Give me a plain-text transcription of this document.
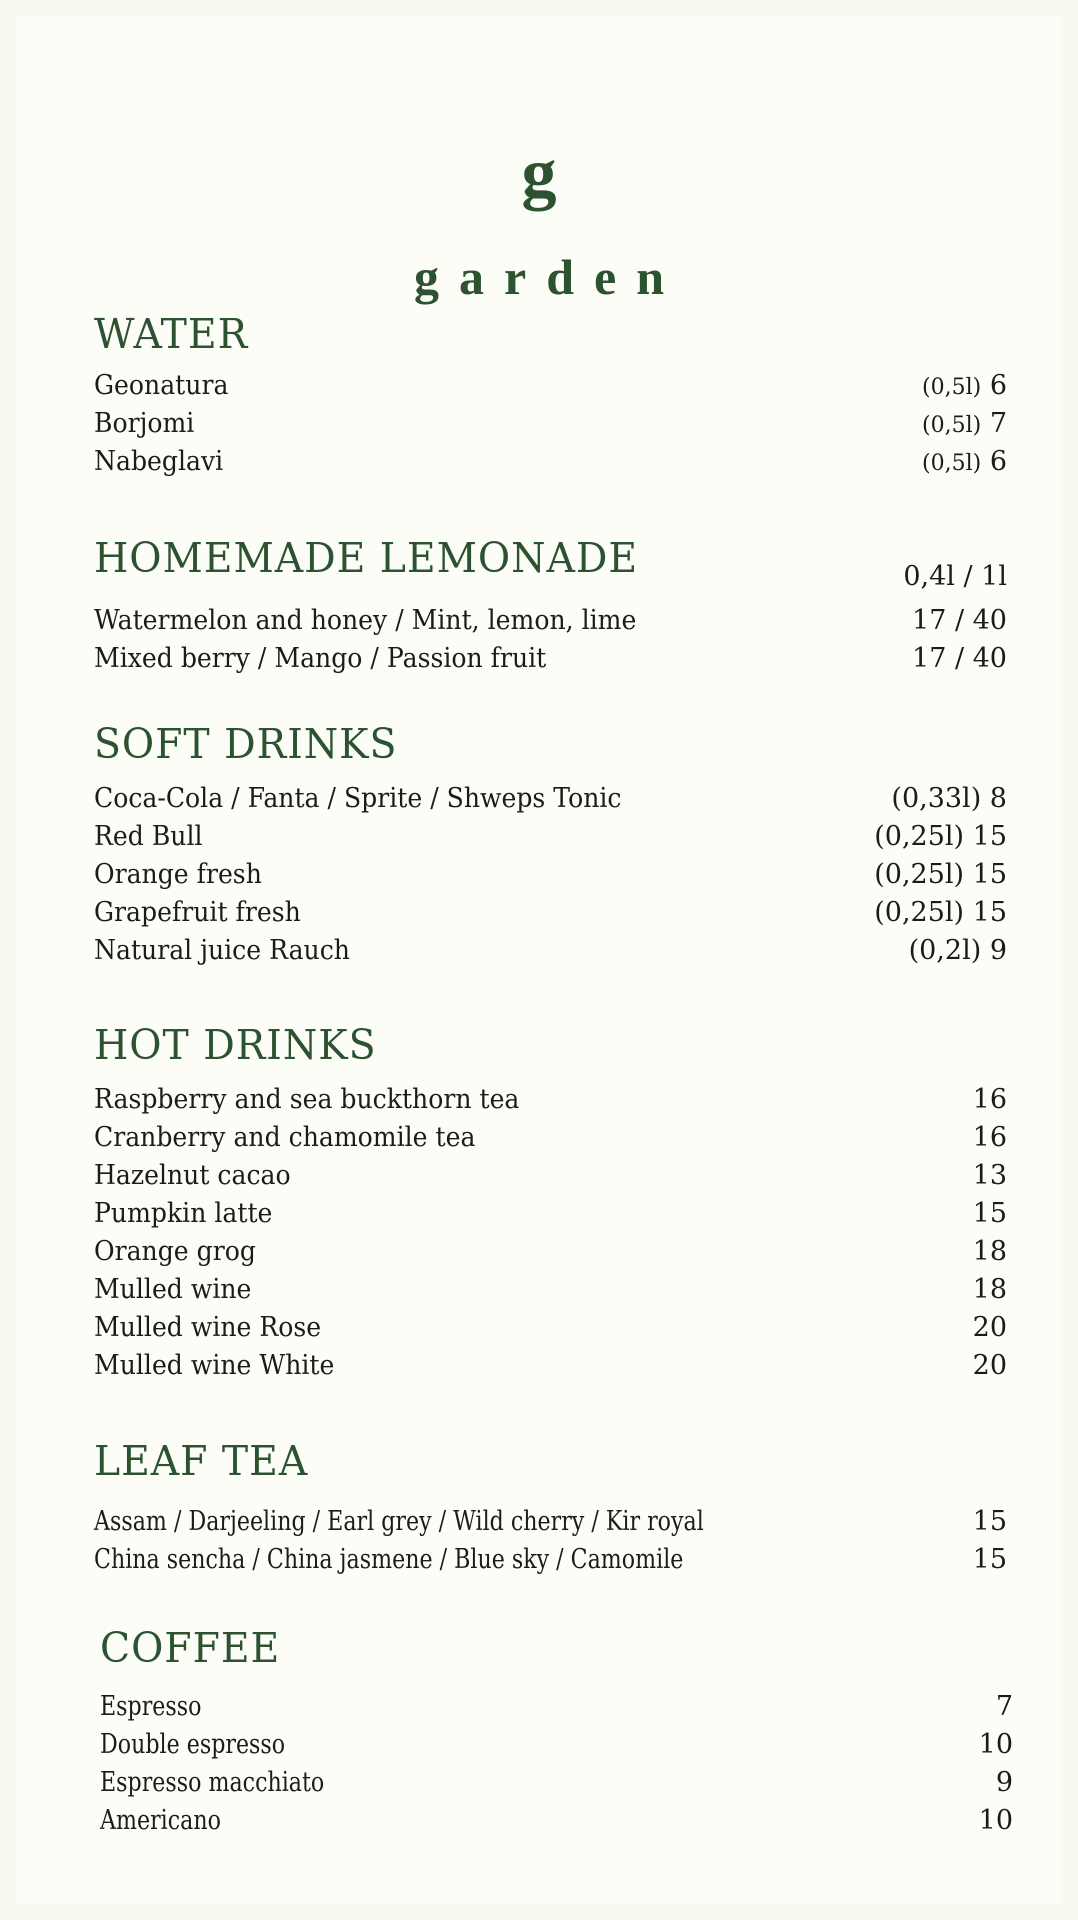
g
garden
WATER
Geonatura	(0,5l) 6
Borjomi	(0,5l) 7
Nabeglavi	(0,5l) 6
HOMEMADE LEMONADE	0,4l / 1l
Watermelon and honey / Mint, lemon, lime	17 / 40
Mixed berry / Mango / Passion fruit	17 / 40
SOFT DRINKS
Coca-Cola / Fanta / Sprite / Shweps Tonic	(0,33l) 8
Red Bull	(0,25l) 15
Orange fresh	(0,25l) 15
Grapefruit fresh	(0,25l) 15
Natural juice Rauch	(0,2l) 9
HOT DRINKS
Raspberry and sea buckthorn tea	16
Cranberry and chamomile tea	16
Hazelnut cacao	13
Pumpkin latte	15
Orange grog	18
Mulled wine	18
Mulled wine Rose	20
Mulled wine White	20
LEAF TEA
Assam / Darjeeling / Earl grey / Wild cherry / Kir royal	15
China sencha / China jasmene / Blue sky / Camomile	15
COFFEE
Espresso	7
Double espresso	10
Espresso macchiato	9
Americano	10
